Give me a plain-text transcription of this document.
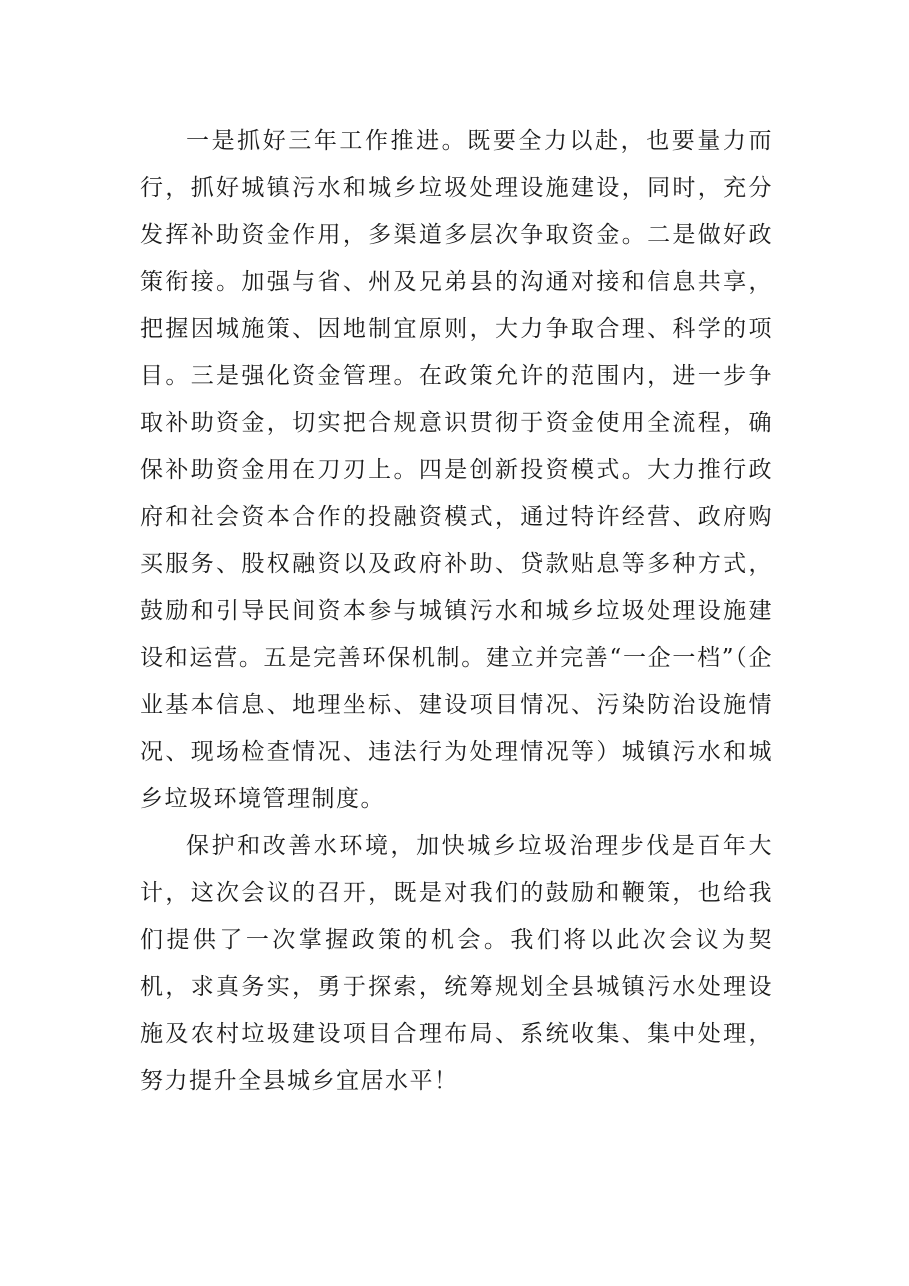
一是抓好三年工作推进。既要全力以赴，也要量力而行，抓好城镇污水和城乡垃圾处理设施建设，同时，充分发挥补助资金作用，多渠道多层次争取资金。二是做好政策衔接。加强与省、州及兄弟县的沟通对接和信息共享，把握因城施策、因地制宜原则，大力争取合理、科学的项目。三是强化资金管理。在政策允许的范围内，进一步争取补助资金，切实把合规意识贯彻于资金使用全流程，确保补助资金用在刀刃上。四是创新投资模式。大力推行政府和社会资本合作的投融资模式，通过特许经营、政府购买服务、股权融资以及政府补助、贷款贴息等多种方式，鼓励和引导民间资本参与城镇污水和城乡垃圾处理设施建设和运营。五是完善环保机制。建立并完善“一企一档”（企业基本信息、地理坐标、建设项目情况、污染防治设施情况、现场检查情况、违法行为处理情况等）城镇污水和城乡垃圾环境管理制度。

保护和改善水环境，加快城乡垃圾治理步伐是百年大计，这次会议的召开，既是对我们的鼓励和鞭策，也给我们提供了一次掌握政策的机会。我们将以此次会议为契机，求真务实，勇于探索，统筹规划全县城镇污水处理设施及农村垃圾建设项目合理布局、系统收集、集中处理，努力提升全县城乡宜居水平！
